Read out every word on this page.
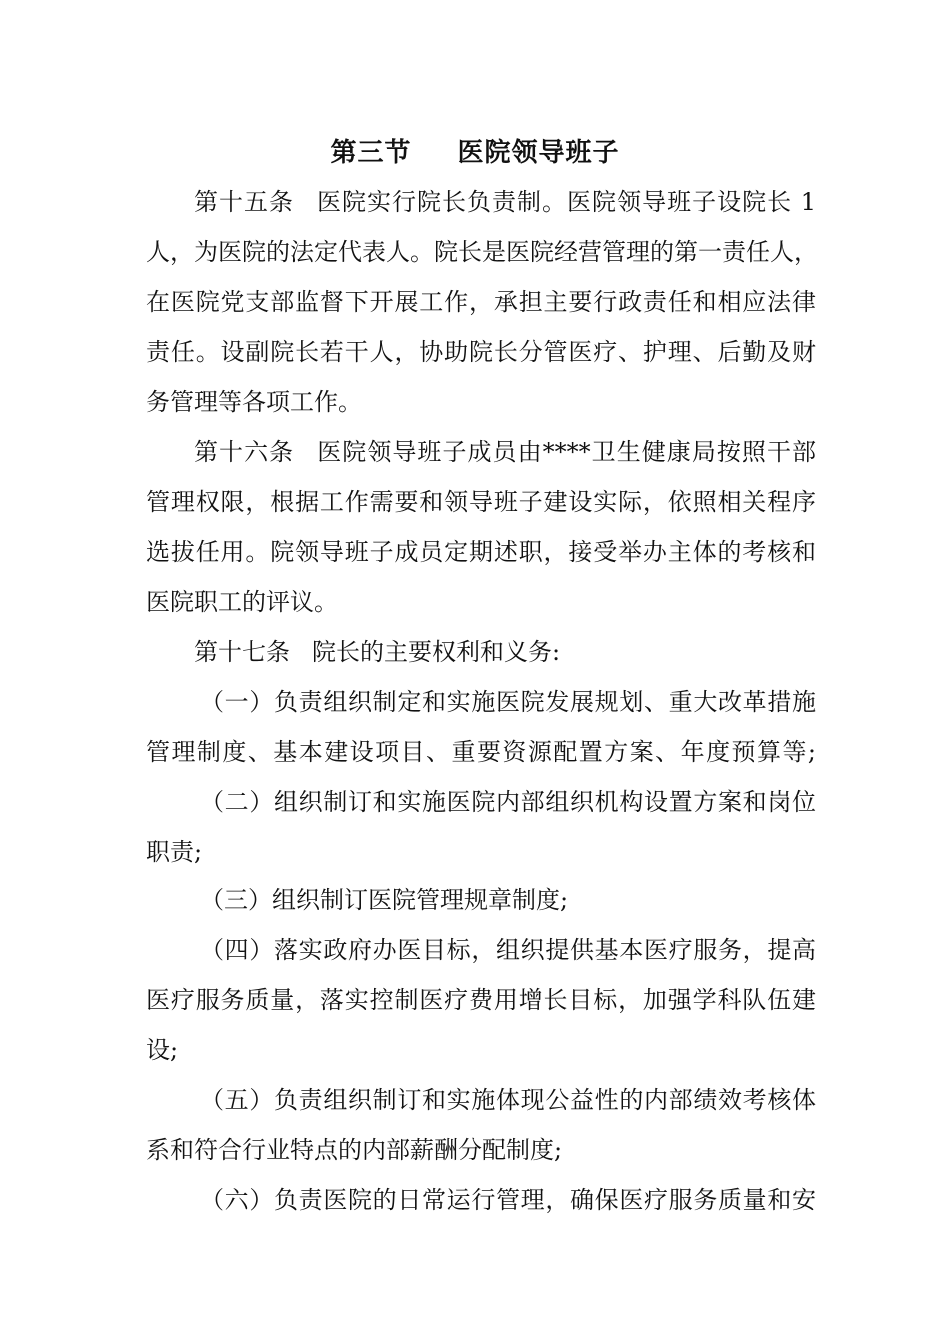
第三节 医院领导班子
第十五条 医院实行院长负责制。医院领导班子设院长 1
人，为医院的法定代表人。院长是医院经营管理的第一责任人，
在医院党支部监督下开展工作，承担主要行政责任和相应法律
责任。设副院长若干人，协助院长分管医疗、护理、后勤及财
务管理等各项工作。
第十六条 医院领导班子成员由****卫生健康局按照干部
管理权限，根据工作需要和领导班子建设实际，依照相关程序
选拔任用。院领导班子成员定期述职，接受举办主体的考核和
医院职工的评议。
第十七条 院长的主要权利和义务:
（一）负责组织制定和实施医院发展规划、重大改革措施
管理制度、基本建设项目、重要资源配置方案、年度预算等;
（二）组织制订和实施医院内部组织机构设置方案和岗位
职责;
（三）组织制订医院管理规章制度;
（四）落实政府办医目标，组织提供基本医疗服务，提高
医疗服务质量，落实控制医疗费用增长目标，加强学科队伍建
设;
（五）负责组织制订和实施体现公益性的内部绩效考核体
系和符合行业特点的内部薪酬分配制度;
（六）负责医院的日常运行管理，确保医疗服务质量和安
